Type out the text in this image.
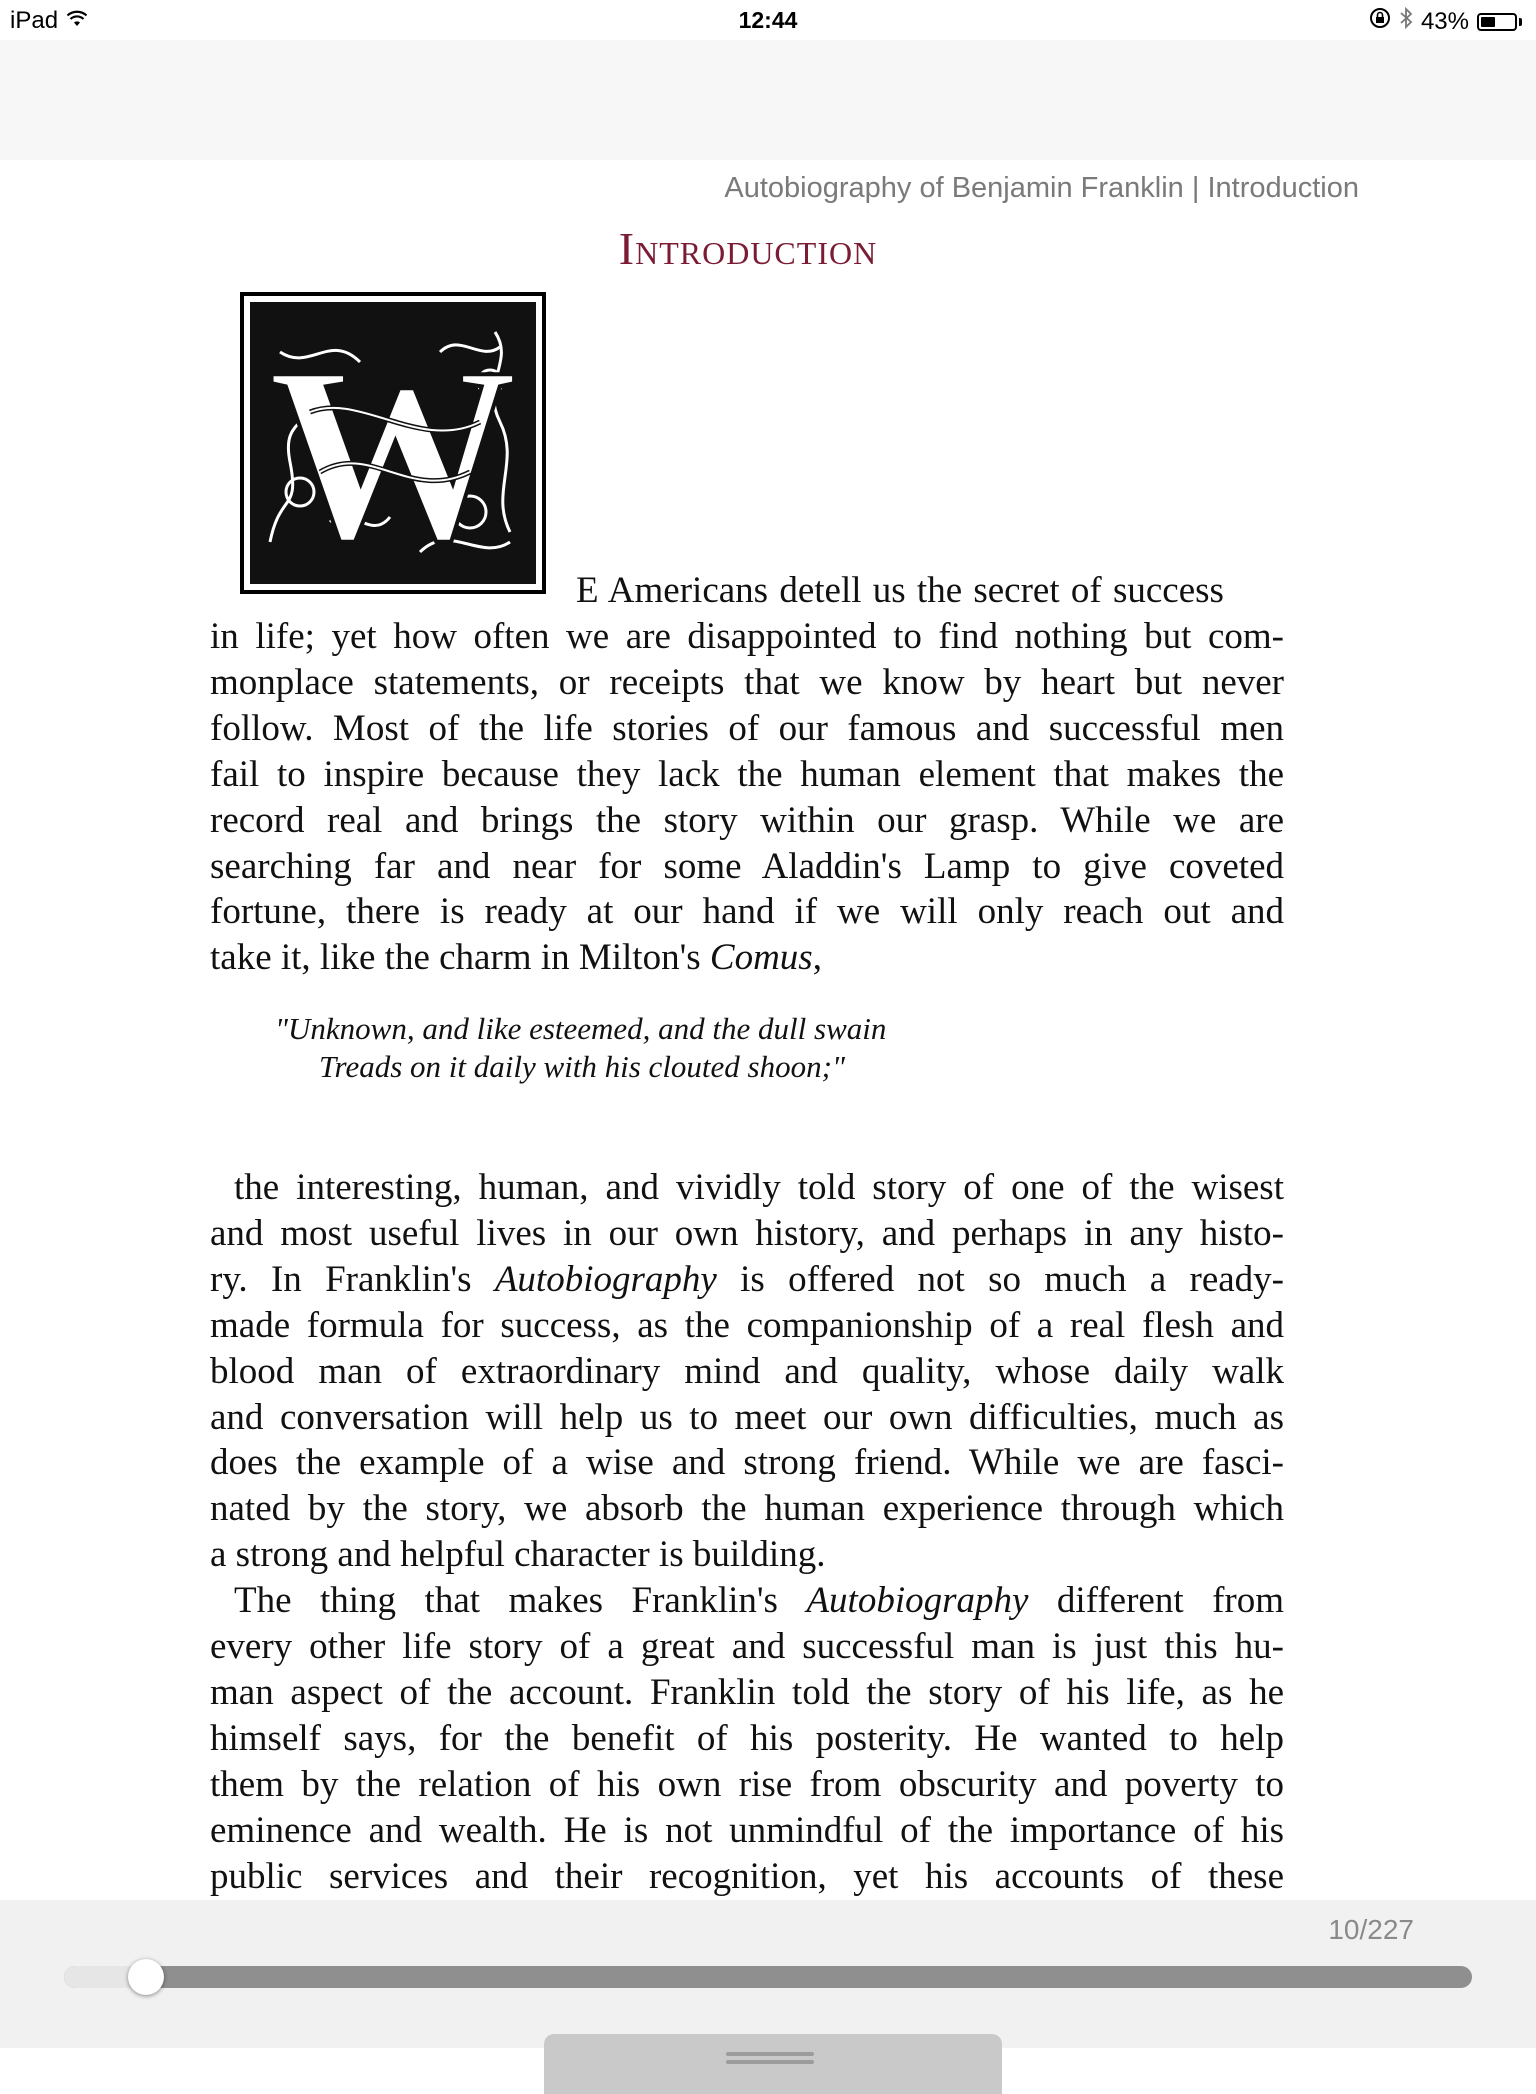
iPad	12:44	43%
Autobiography of Benjamin Franklin | Introduction
Introduction
W E Americans detell us the secret of success
in life; yet how often we are disappointed to find nothing but com-
monplace statements, or receipts that we know by heart but never
follow. Most of the life stories of our famous and successful men
fail to inspire because they lack the human element that makes the
record real and brings the story within our grasp. While we are
searching far and near for some Aladdin's Lamp to give coveted
fortune, there is ready at our hand if we will only reach out and
take it, like the charm in Milton's Comus,
"Unknown, and like esteemed, and the dull swain
Treads on it daily with his clouted shoon;"
the interesting, human, and vividly told story of one of the wisest
and most useful lives in our own history, and perhaps in any histo-
ry. In Franklin's Autobiography is offered not so much a ready-
made formula for success, as the companionship of a real flesh and
blood man of extraordinary mind and quality, whose daily walk
and conversation will help us to meet our own difficulties, much as
does the example of a wise and strong friend. While we are fasci-
nated by the story, we absorb the human experience through which
a strong and helpful character is building.
The thing that makes Franklin's Autobiography different from
every other life story of a great and successful man is just this hu-
man aspect of the account. Franklin told the story of his life, as he
himself says, for the benefit of his posterity. He wanted to help
them by the relation of his own rise from obscurity and poverty to
eminence and wealth. He is not unmindful of the importance of his
public services and their recognition, yet his accounts of these
10/227
